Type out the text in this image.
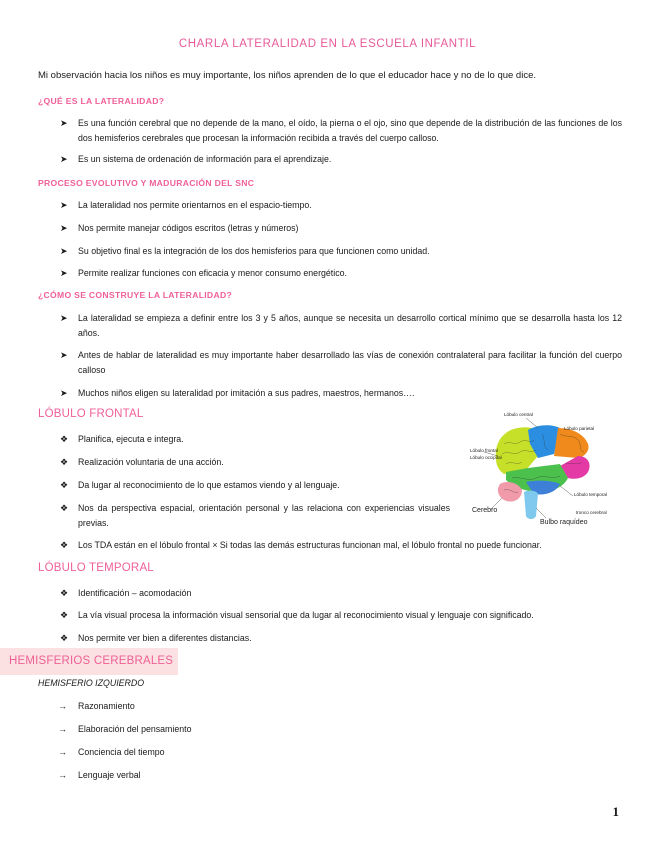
CHARLA LATERALIDAD EN LA ESCUELA INFANTIL
Mi observación hacia los niños es muy importante, los niños aprenden de lo que el educador hace y no de lo que dice.
¿QUÉ ES LA LATERALIDAD?
➤ Es una función cerebral que no depende de la mano, el oído, la pierna o el ojo, sino que depende de la distribución de las funciones de los dos hemisferios cerebrales que procesan la información recibida a través del cuerpo calloso.
➤ Es un sistema de ordenación de información para el aprendizaje.
PROCESO EVOLUTIVO Y MADURACIÓN DEL SNC
➤ La lateralidad nos permite orientarnos en el espacio-tiempo.
➤ Nos permite manejar códigos escritos (letras y números)
➤ Su objetivo final es la integración de los dos hemisferios para que funcionen como unidad.
➤ Permite realizar funciones con eficacia y menor consumo energético.
¿CÓMO SE CONSTRUYE LA LATERALIDAD?
➤ La lateralidad se empieza a definir entre los 3 y 5 años, aunque se necesita un desarrollo cortical mínimo que se desarrolla hasta los 12 años.
➤ Antes de hablar de lateralidad es muy importante haber desarrollado las vías de conexión contralateral para facilitar la función del cuerpo calloso
➤ Muchos niños eligen su lateralidad por imitación a sus padres, maestros, hermanos….
LÓBULO FRONTAL
❖ Planifica, ejecuta e integra.
❖ Realización voluntaria de una acción.
❖ Da lugar al reconocimiento de lo que estamos viendo y al lenguaje.
❖ Nos da perspectiva espacial, orientación personal y las relaciona con experiencias visuales previas.
❖ Los TDA están en el lóbulo frontal × Si todas las demás estructuras funcionan mal, el lóbulo frontal no puede funcionar.
Lóbulo central
Lóbulo parietal
Lóbulo frontal
Lóbulo occipital
Lóbulo temporal
tronco cerebral
Cerebro
Bulbo raquídeo
LÓBULO TEMPORAL
❖ Identificación – acomodación
❖ La vía visual procesa la información visual sensorial que da lugar al reconocimiento visual y lenguaje con significado.
❖ Nos permite ver bien a diferentes distancias.
HEMISFERIOS CEREBRALES
HEMISFERIO IZQUIERDO
→ Razonamiento
→ Elaboración del pensamiento
→ Conciencia del tiempo
→ Lenguaje verbal
1
